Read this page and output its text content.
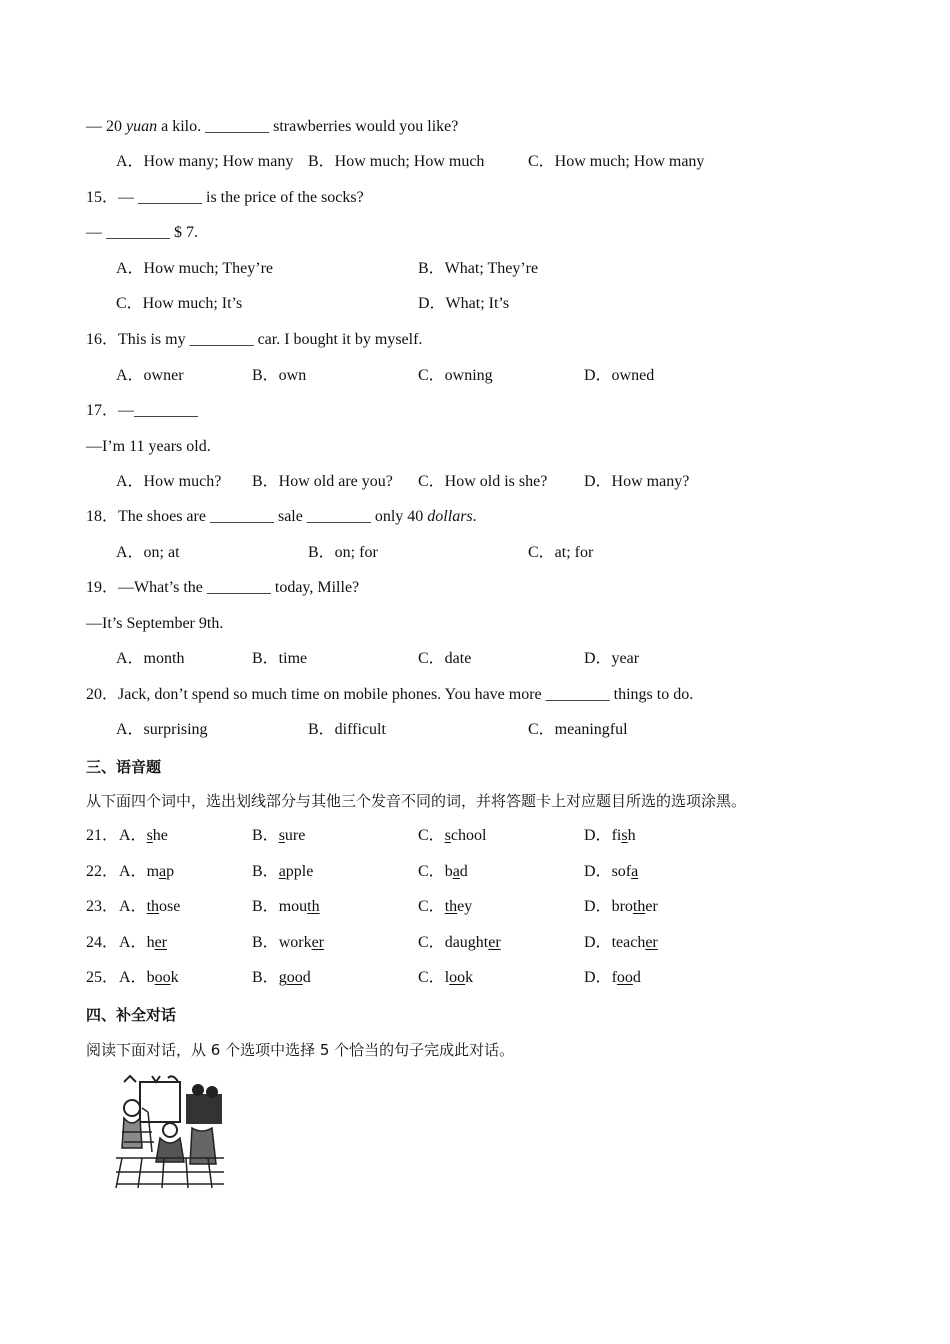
— 20 yuan a kilo. ________ strawberries would you like?
A．How many; How many B．How much; How much	C．How much; How many
15．— ________ is the price of the socks?
— ________ $ 7.
A．How much; They’re	B．What; They’re
C．How much; It’s	D．What; It’s
16．This is my ________ car. I bought it by myself.
A．owner	B．own	C．owning	D．owned
17．—________
—I’m 11 years old.
A．How much? B．How old are you? C．How old is she? D．How many?
18．The shoes are ________ sale ________ only 40 dollars.
A．on; at	B．on; for	C．at; for
19．—What’s the ________ today, Mille?
—It’s September 9th.
A．month	B．time	C．date	D．year
20．Jack, don’t spend so much time on mobile phones. You have more ________ things to do.
A．surprising	B．difficult	C．meaningful
三、语音题
从下面四个词中，选出划线部分与其他三个发音不同的词，并将答题卡上对应题目所选的选项涂黑。
21． A．she	B．sure	C．school	D．fish
22． A．map	B．apple	C．bad	D．sofa
23． A．those	B．mouth	C．they	D．brother
24． A．her	B．worker	C．daughter	D．teacher
25． A．book	B．good	C．look	D．food
四、补全对话
阅读下面对话，从 6 个选项中选择 5 个恰当的句子完成此对话。
